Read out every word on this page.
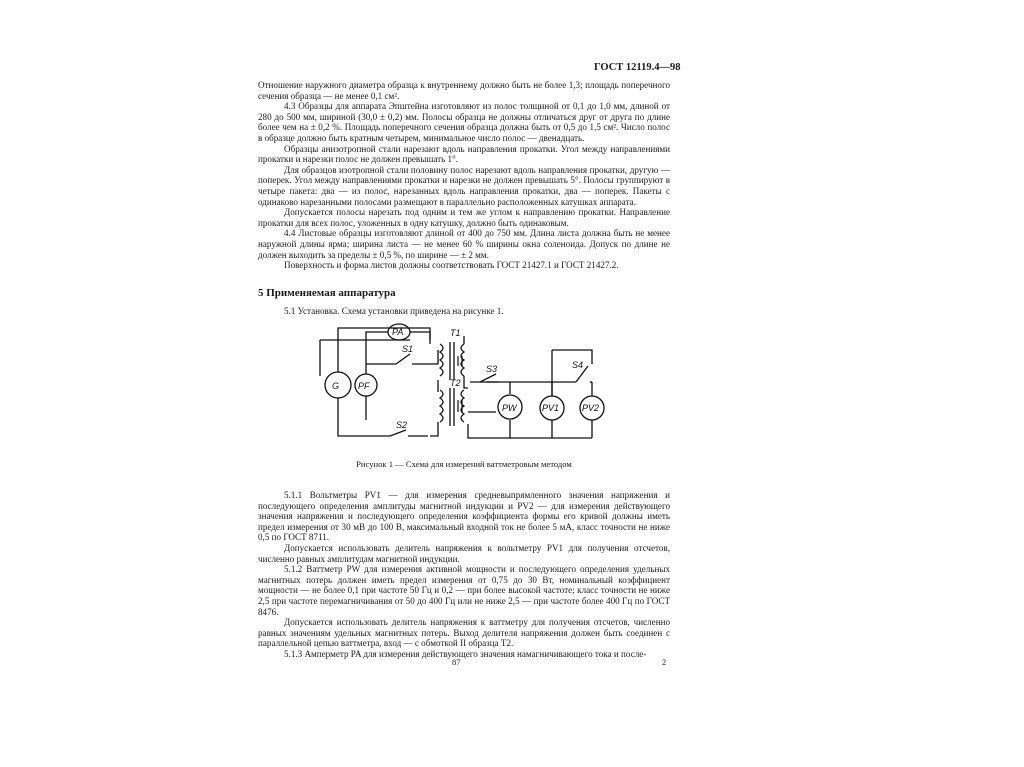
ГОСТ 12119.4—98

Отношение наружного диаметра образца к внутреннему должно быть не более 1,3; площадь поперечного сечения образца — не менее 0,1 см².

4.3 Образцы для аппарата Эпштейна изготовляют из полос толщиной от 0,1 до 1,0 мм, длиной от 280 до 500 мм, шириной (30,0 ± 0,2) мм. Полосы образца не должны отличаться друг от друга по длине более чем на ± 0,2 %. Площадь поперечного сечения образца должна быть от 0,5 до 1,5 см². Число полос в образце должно быть кратным четырем, минимальное число полос — двенадцать.

Образцы анизотропной стали нарезают вдоль направления прокатки. Угол между направлениями прокатки и нарезки полос не должен превышать 1°.

Для образцов изотропной стали половину полос нарезают вдоль направления прокатки, другую — поперек. Угол между направлениями прокатки и нарезки не должен превышать 5°. Полосы группируют в четыре пакета: два — из полос, нарезанных вдоль направления прокатки, два — поперек. Пакеты с одинаково нарезанными полосами размещают в параллельно расположенных катушках аппарата.

Допускается полосы нарезать под одним и тем же углом к направлению прокатки. Направление прокатки для всех полос, уложенных в одну катушку, должно быть одинаковым.

4.4 Листовые образцы изготовляют длиной от 400 до 750 мм. Длина листа должна быть не менее наружной длины ярма; ширина листа — не менее 60 % ширины окна соленоида. Допуск по длине не должен выходить за пределы ± 0,5 %, по ширине — ± 2 мм.

Поверхность и форма листов должны соответствовать ГОСТ 21427.1 и ГОСТ 21427.2.

5 Применяемая аппаратура

5.1 Установка. Схема установки приведена на рисунке 1.

G PF
PA
S1
S2
S3	S4
T1
T2
PW	PV1	PV2
Рисунок 1 — Схема для измерений ваттметровым методом

5.1.1 Вольтметры PV1 — для измерения средневыпрямленного значения напряжения и последующего определения амплитуды магнитной индукции и PV2 — для измерения действующего значения напряжения и последующего определения коэффициента формы его кривой должны иметь предел измерения от 30 мВ до 100 В, максимальный входной ток не более 5 мА, класс точности не ниже 0,5 по ГОСТ 8711.

Допускается использовать делитель напряжения к вольтметру PV1 для получения отсчетов, численно равных амплитудам магнитной индукции.

5.1.2 Ваттметр PW для измерения активной мощности и последующего определения удельных магнитных потерь должен иметь предел измерения от 0,75 до 30 Вт, номинальный коэффициент мощности — не более 0,1 при частоте 50 Гц и 0,2 — при более высокой частоте; класс точности не ниже 2,5 при частоте перемагничивания от 50 до 400 Гц или не ниже 2,5 — при частоте более 400 Гц по ГОСТ 8476.

Допускается использовать делитель напряжения к ваттметру для получения отсчетов, численно равных значениям удельных магнитных потерь. Выход делителя напряжения должен быть соединен с параллельной цепью ваттметра, вход — с обмоткой II образца Т2.

5.1.3 Амперметр PA для измерения действующего значения намагничивающего тока и после-

87	2
